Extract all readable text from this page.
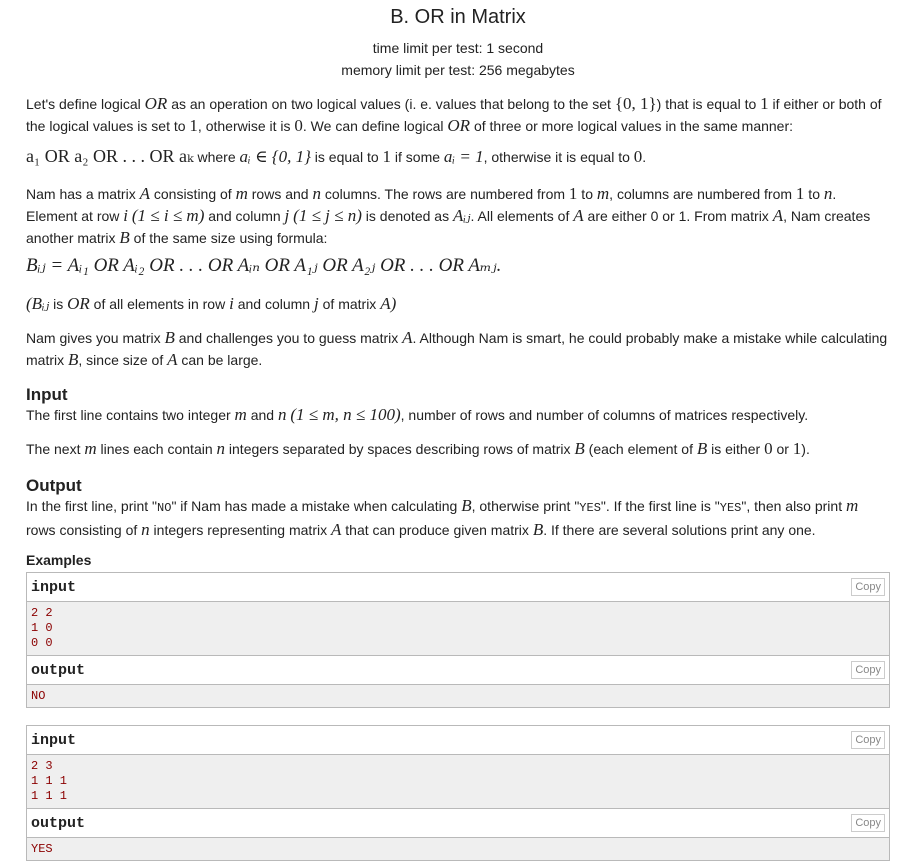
B. OR in Matrix
time limit per test: 1 second
memory limit per test: 256 megabytes
Let's define logical OR as an operation on two logical values (i. e. values that belong to the set {0, 1}) that is equal to 1 if either or both of
the logical values is set to 1, otherwise it is 0. We can define logical OR of three or more logical values in the same manner:
a₁ OR a₂ OR . . . OR aₖ where aᵢ ∈ {0, 1} is equal to 1 if some aᵢ = 1, otherwise it is equal to 0.
Nam has a matrix A consisting of m rows and n columns. The rows are numbered from 1 to m, columns are numbered from 1 to n.
Element at row i (1 ≤ i ≤ m) and column j (1 ≤ j ≤ n) is denoted as Aᵢⱼ. All elements of A are either 0 or 1. From matrix A, Nam creates
another matrix B of the same size using formula:
Bᵢⱼ = Aᵢ₁ OR Aᵢ₂ OR . . . OR Aᵢₙ OR A₁ⱼ OR A₂ⱼ OR . . . OR Aₘⱼ.
(Bᵢⱼ is OR of all elements in row i and column j of matrix A)
Nam gives you matrix B and challenges you to guess matrix A. Although Nam is smart, he could probably make a mistake while calculating
matrix B, since size of A can be large.
Input
The first line contains two integer m and n (1 ≤ m, n ≤ 100), number of rows and number of columns of matrices respectively.
The next m lines each contain n integers separated by spaces describing rows of matrix B (each element of B is either 0 or 1).
Output
In the first line, print "NO" if Nam has made a mistake when calculating B, otherwise print "YES". If the first line is "YES", then also print m
rows consisting of n integers representing matrix A that can produce given matrix B. If there are several solutions print any one.
Examples
input	Copy
2 2
1 0
0 0
output	Copy
NO
input	Copy
2 3
1 1 1
1 1 1
output	Copy
YES
